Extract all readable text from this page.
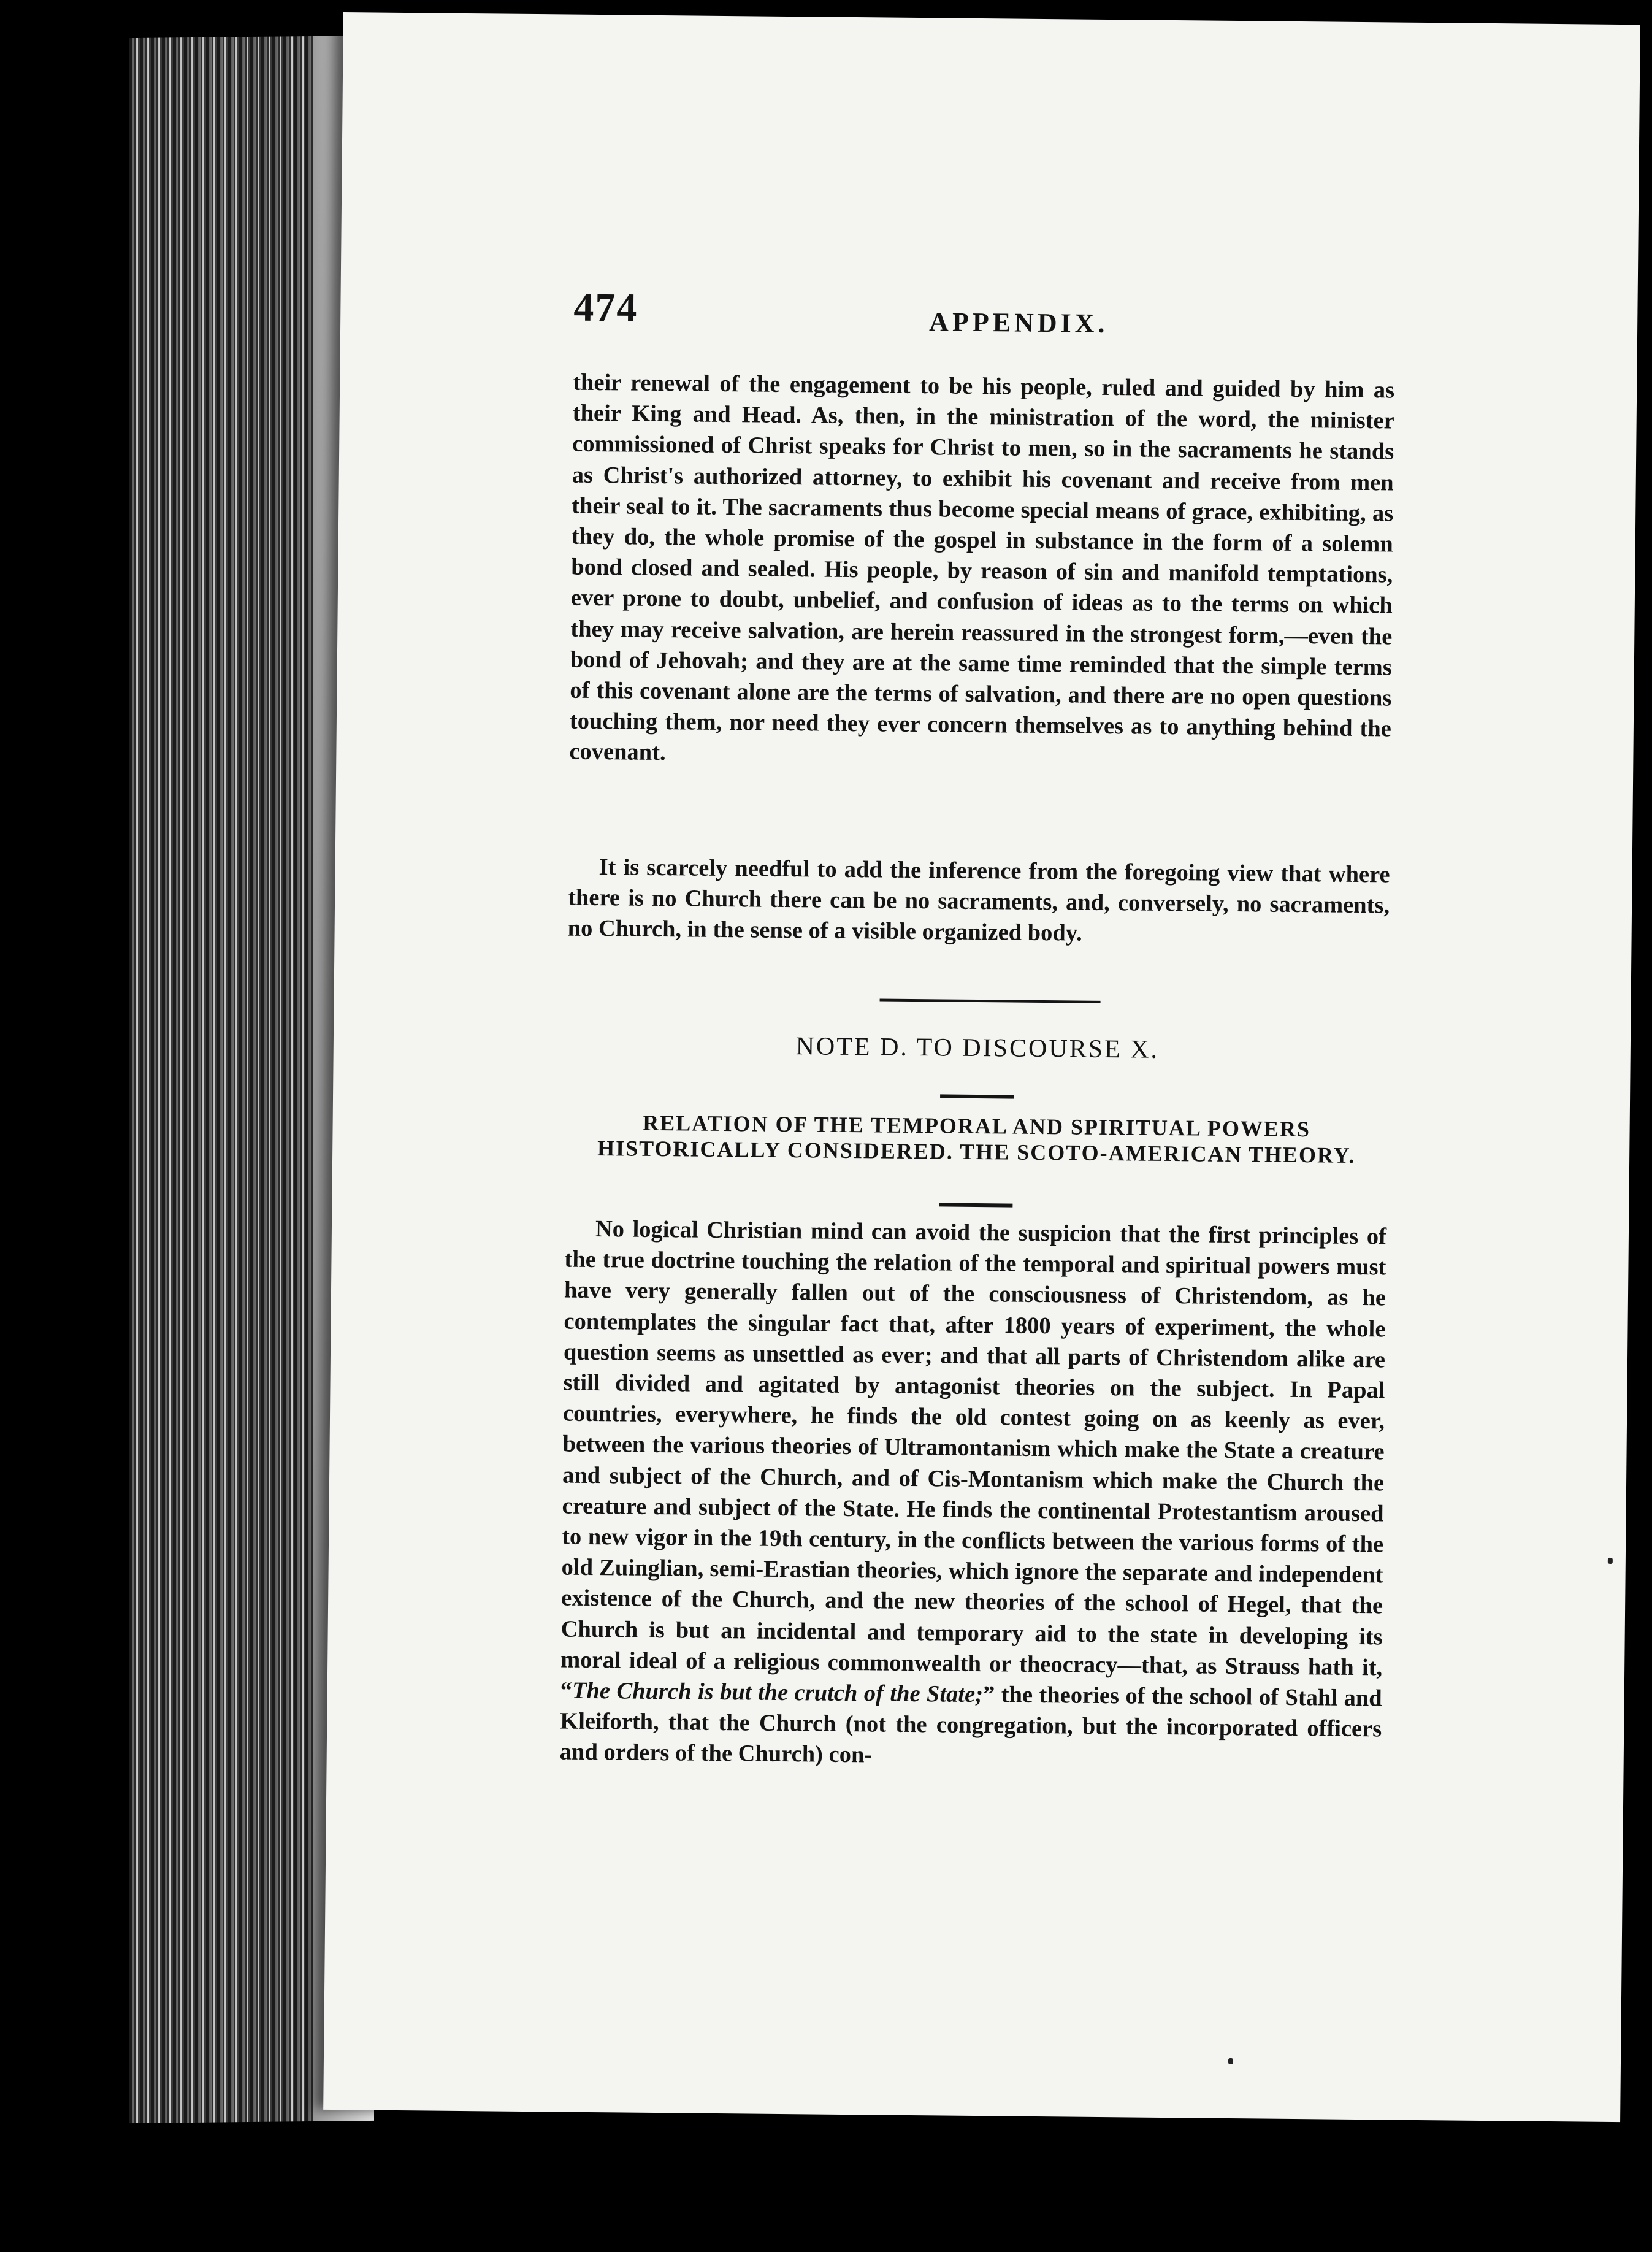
474	APPENDIX.
their renewal of the engagement to be his people, ruled and guided by him as their King and Head. As, then, in the ministration of the word, the minister commissioned of Christ speaks for Christ to men, so in the sacraments he stands as Christ's authorized attorney, to exhibit his covenant and receive from men their seal to it. The sacraments thus become special means of grace, exhibiting, as they do, the whole promise of the gospel in substance in the form of a solemn bond closed and sealed. His people, by reason of sin and manifold temptations, ever prone to doubt, unbelief, and confusion of ideas as to the terms on which they may receive salvation, are herein reassured in the strongest form,—even the bond of Jehovah; and they are at the same time reminded that the simple terms of this covenant alone are the terms of salvation, and there are no open questions touching them, nor need they ever concern themselves as to anything behind the covenant.
It is scarcely needful to add the inference from the foregoing view that where there is no Church there can be no sacraments, and, conversely, no sacraments, no Church, in the sense of a visible organized body.
NOTE D. TO DISCOURSE X.
RELATION OF THE TEMPORAL AND SPIRITUAL POWERS HISTORICALLY CONSIDERED. THE SCOTO-AMERICAN THEORY.
No logical Christian mind can avoid the suspicion that the first principles of the true doctrine touching the relation of the temporal and spiritual powers must have very generally fallen out of the consciousness of Christendom, as he contemplates the singular fact that, after 1800 years of experiment, the whole question seems as unsettled as ever; and that all parts of Christendom alike are still divided and agitated by antagonist theories on the subject. In Papal countries, everywhere, he finds the old contest going on as keenly as ever, between the various theories of Ultramontanism which make the State a creature and subject of the Church, and of Cis-Montanism which make the Church the creature and subject of the State. He finds the continental Protestantism aroused to new vigor in the 19th century, in the conflicts between the various forms of the old Zuinglian, semi-Erastian theories, which ignore the separate and independent existence of the Church, and the new theories of the school of Hegel, that the Church is but an incidental and temporary aid to the state in developing its moral ideal of a religious commonwealth or theocracy—that, as Strauss hath it, “The Church is but the crutch of the State;” the theories of the school of Stahl and Kleiforth, that the Church (not the congregation, but the incorporated officers and orders of the Church) con-
